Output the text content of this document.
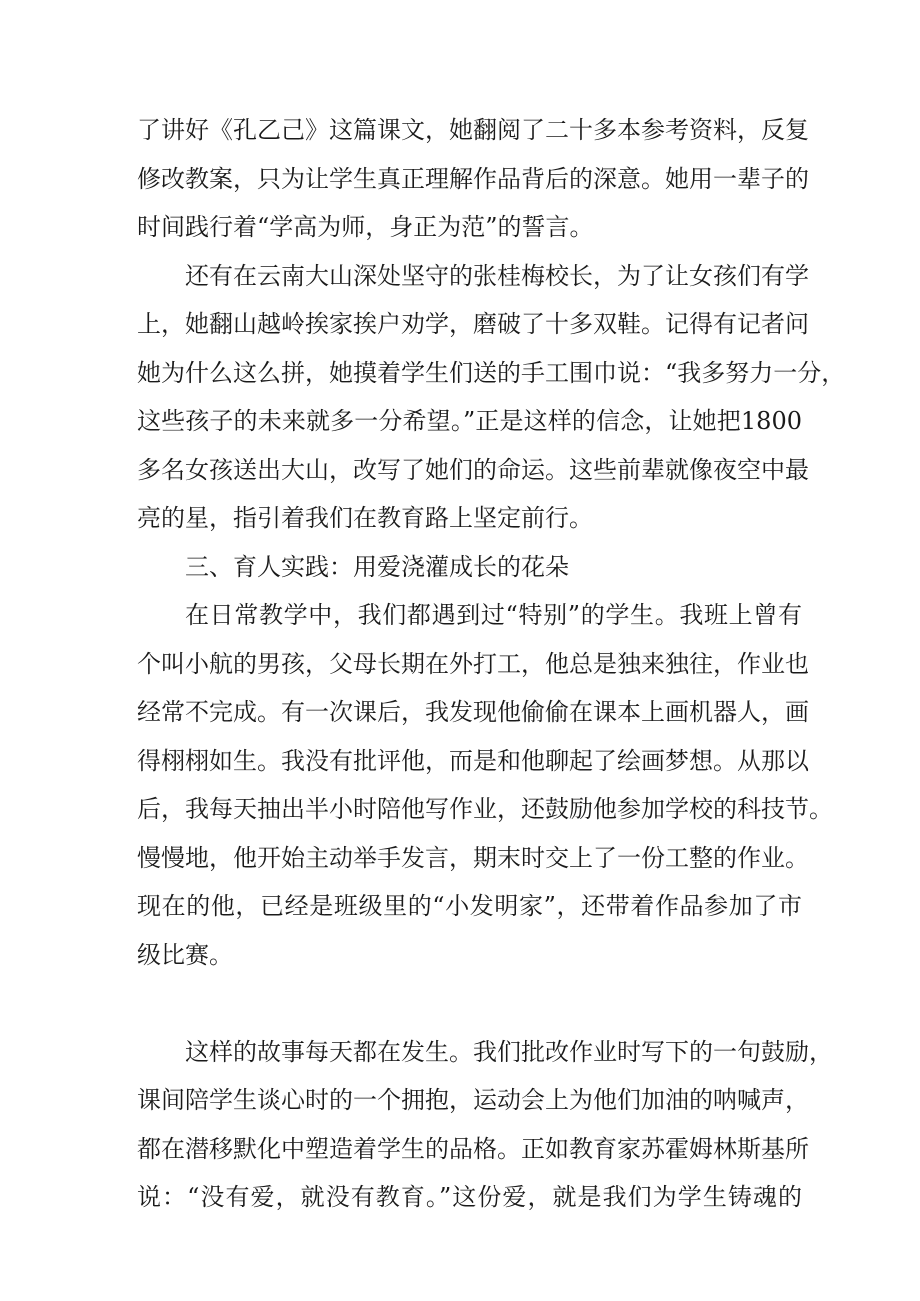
了讲好《孔乙己》这篇课文，她翻阅了二十多本参考资料，反复
修改教案，只为让学生真正理解作品背后的深意。她用一辈子的
时间践行着“学高为师，身正为范”的誓言。
还有在云南大山深处坚守的张桂梅校长，为了让女孩们有学
上，她翻山越岭挨家挨户劝学，磨破了十多双鞋。记得有记者问
她为什么这么拼，她摸着学生们送的手工围巾说：“我多努力一分，
这些孩子的未来就多一分希望。”正是这样的信念，让她把1800
多名女孩送出大山，改写了她们的命运。这些前辈就像夜空中最
亮的星，指引着我们在教育路上坚定前行。
三、育人实践：用爱浇灌成长的花朵
在日常教学中，我们都遇到过“特别”的学生。我班上曾有
个叫小航的男孩，父母长期在外打工，他总是独来独往，作业也
经常不完成。有一次课后，我发现他偷偷在课本上画机器人，画
得栩栩如生。我没有批评他，而是和他聊起了绘画梦想。从那以
后，我每天抽出半小时陪他写作业，还鼓励他参加学校的科技节。
慢慢地，他开始主动举手发言，期末时交上了一份工整的作业。
现在的他，已经是班级里的“小发明家”，还带着作品参加了市
级比赛。
这样的故事每天都在发生。我们批改作业时写下的一句鼓励，
课间陪学生谈心时的一个拥抱，运动会上为他们加油的呐喊声，
都在潜移默化中塑造着学生的品格。正如教育家苏霍姆林斯基所
说：“没有爱，就没有教育。”这份爱，就是我们为学生铸魂的
